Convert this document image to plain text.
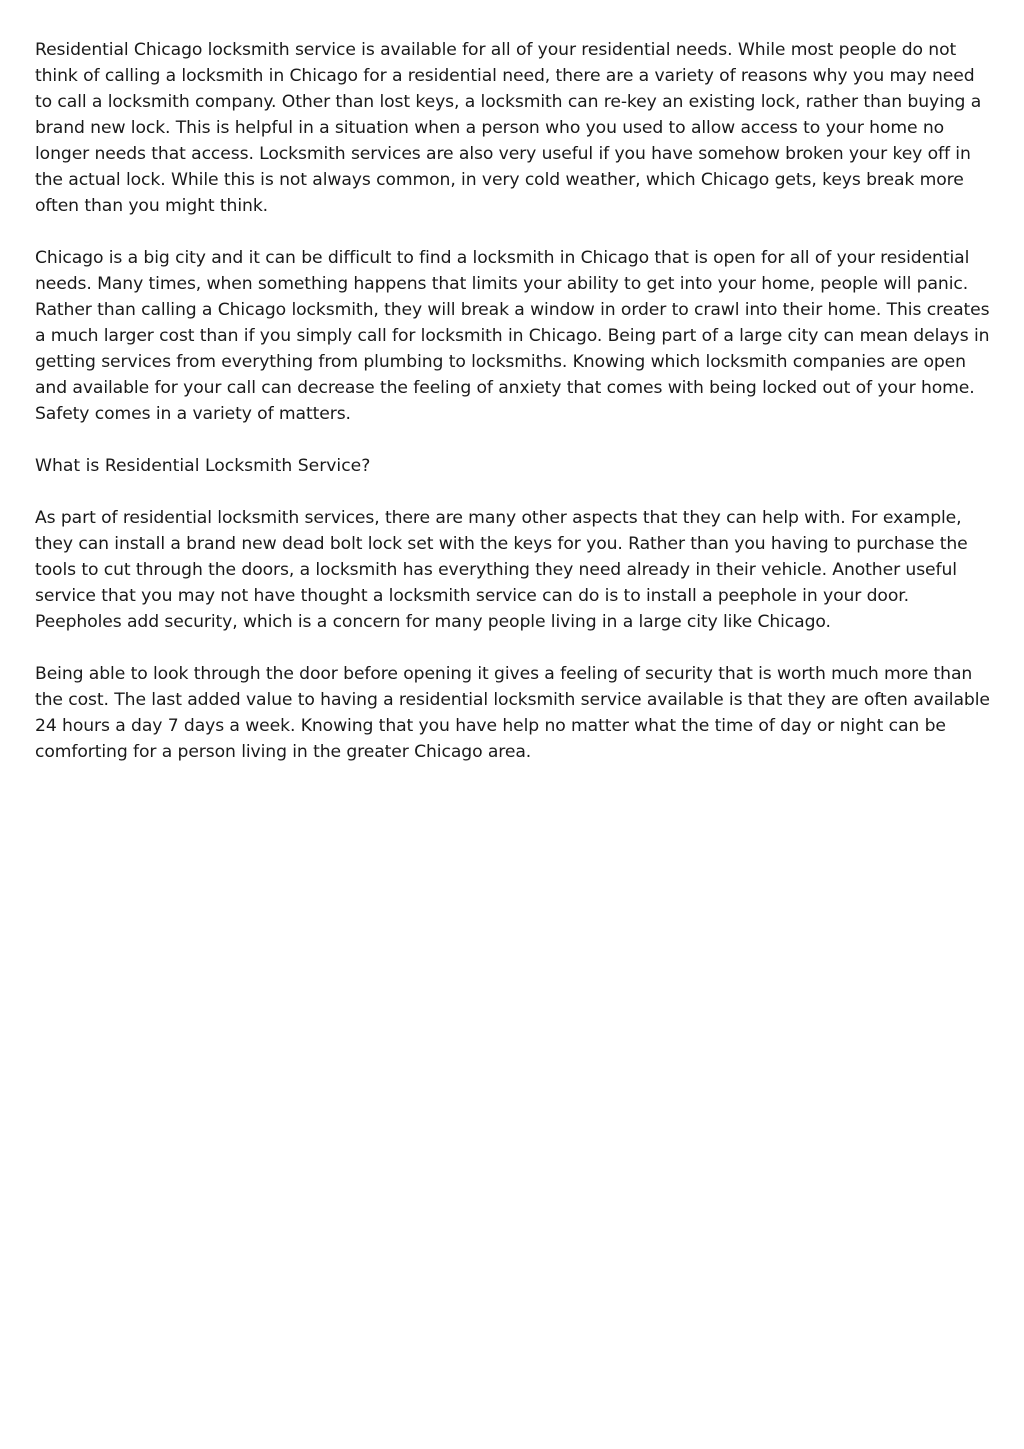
Residential Chicago locksmith service is available for all of your residential needs. While most people do not think of calling a locksmith in Chicago for a residential need, there are a variety of reasons why you may need to call a locksmith company. Other than lost keys, a locksmith can re-key an existing lock, rather than buying a brand new lock. This is helpful in a situation when a person who you used to allow access to your home no longer needs that access. Locksmith services are also very useful if you have somehow broken your key off in the actual lock. While this is not always common, in very cold weather, which Chicago gets, keys break more often than you might think.

Chicago is a big city and it can be difficult to find a locksmith in Chicago that is open for all of your residential needs. Many times, when something happens that limits your ability to get into your home, people will panic. Rather than calling a Chicago locksmith, they will break a window in order to crawl into their home. This creates a much larger cost than if you simply call for locksmith in Chicago. Being part of a large city can mean delays in getting services from everything from plumbing to locksmiths. Knowing which locksmith companies are open and available for your call can decrease the feeling of anxiety that comes with being locked out of your home. Safety comes in a variety of matters.

What is Residential Locksmith Service?

As part of residential locksmith services, there are many other aspects that they can help with. For example, they can install a brand new dead bolt lock set with the keys for you. Rather than you having to purchase the tools to cut through the doors, a locksmith has everything they need already in their vehicle. Another useful service that you may not have thought a locksmith service can do is to install a peephole in your door. Peepholes add security, which is a concern for many people living in a large city like Chicago.

Being able to look through the door before opening it gives a feeling of security that is worth much more than the cost. The last added value to having a residential locksmith service available is that they are often available 24 hours a day 7 days a week. Knowing that you have help no matter what the time of day or night can be comforting for a person living in the greater Chicago area.
